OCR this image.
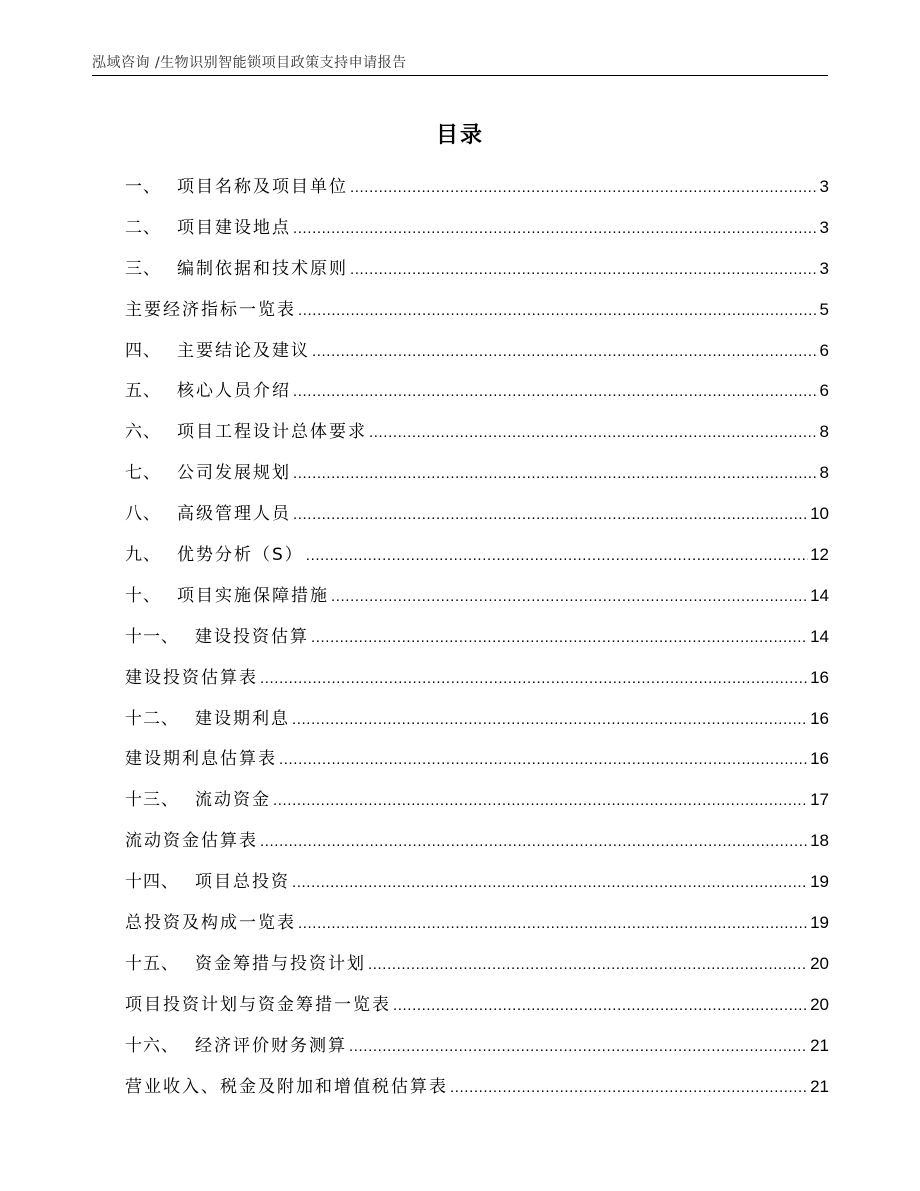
泓域咨询 /生物识别智能锁项目政策支持申请报告
目录
一、 项目名称及项目单位 .....	3
二、 项目建设地点 .....	3
三、 编制依据和技术原则 .....	3
主要经济指标一览表 .....	5
四、 主要结论及建议 .....	6
五、 核心人员介绍 .....	6
六、 项目工程设计总体要求 .....	8
七、 公司发展规划 .....	8
八、 高级管理人员 .....	10
九、 优势分析（S） .....	12
十、 项目实施保障措施 .....	14
十一、 建设投资估算 .....	14
建设投资估算表 .....	16
十二、 建设期利息 .....	16
建设期利息估算表 .....	16
十三、 流动资金 .....	17
流动资金估算表 .....	18
十四、 项目总投资 .....	19
总投资及构成一览表 .....	19
十五、 资金筹措与投资计划 .....	20
项目投资计划与资金筹措一览表 .....	20
十六、 经济评价财务测算 .....	21
营业收入、税金及附加和增值税估算表 .....	21
